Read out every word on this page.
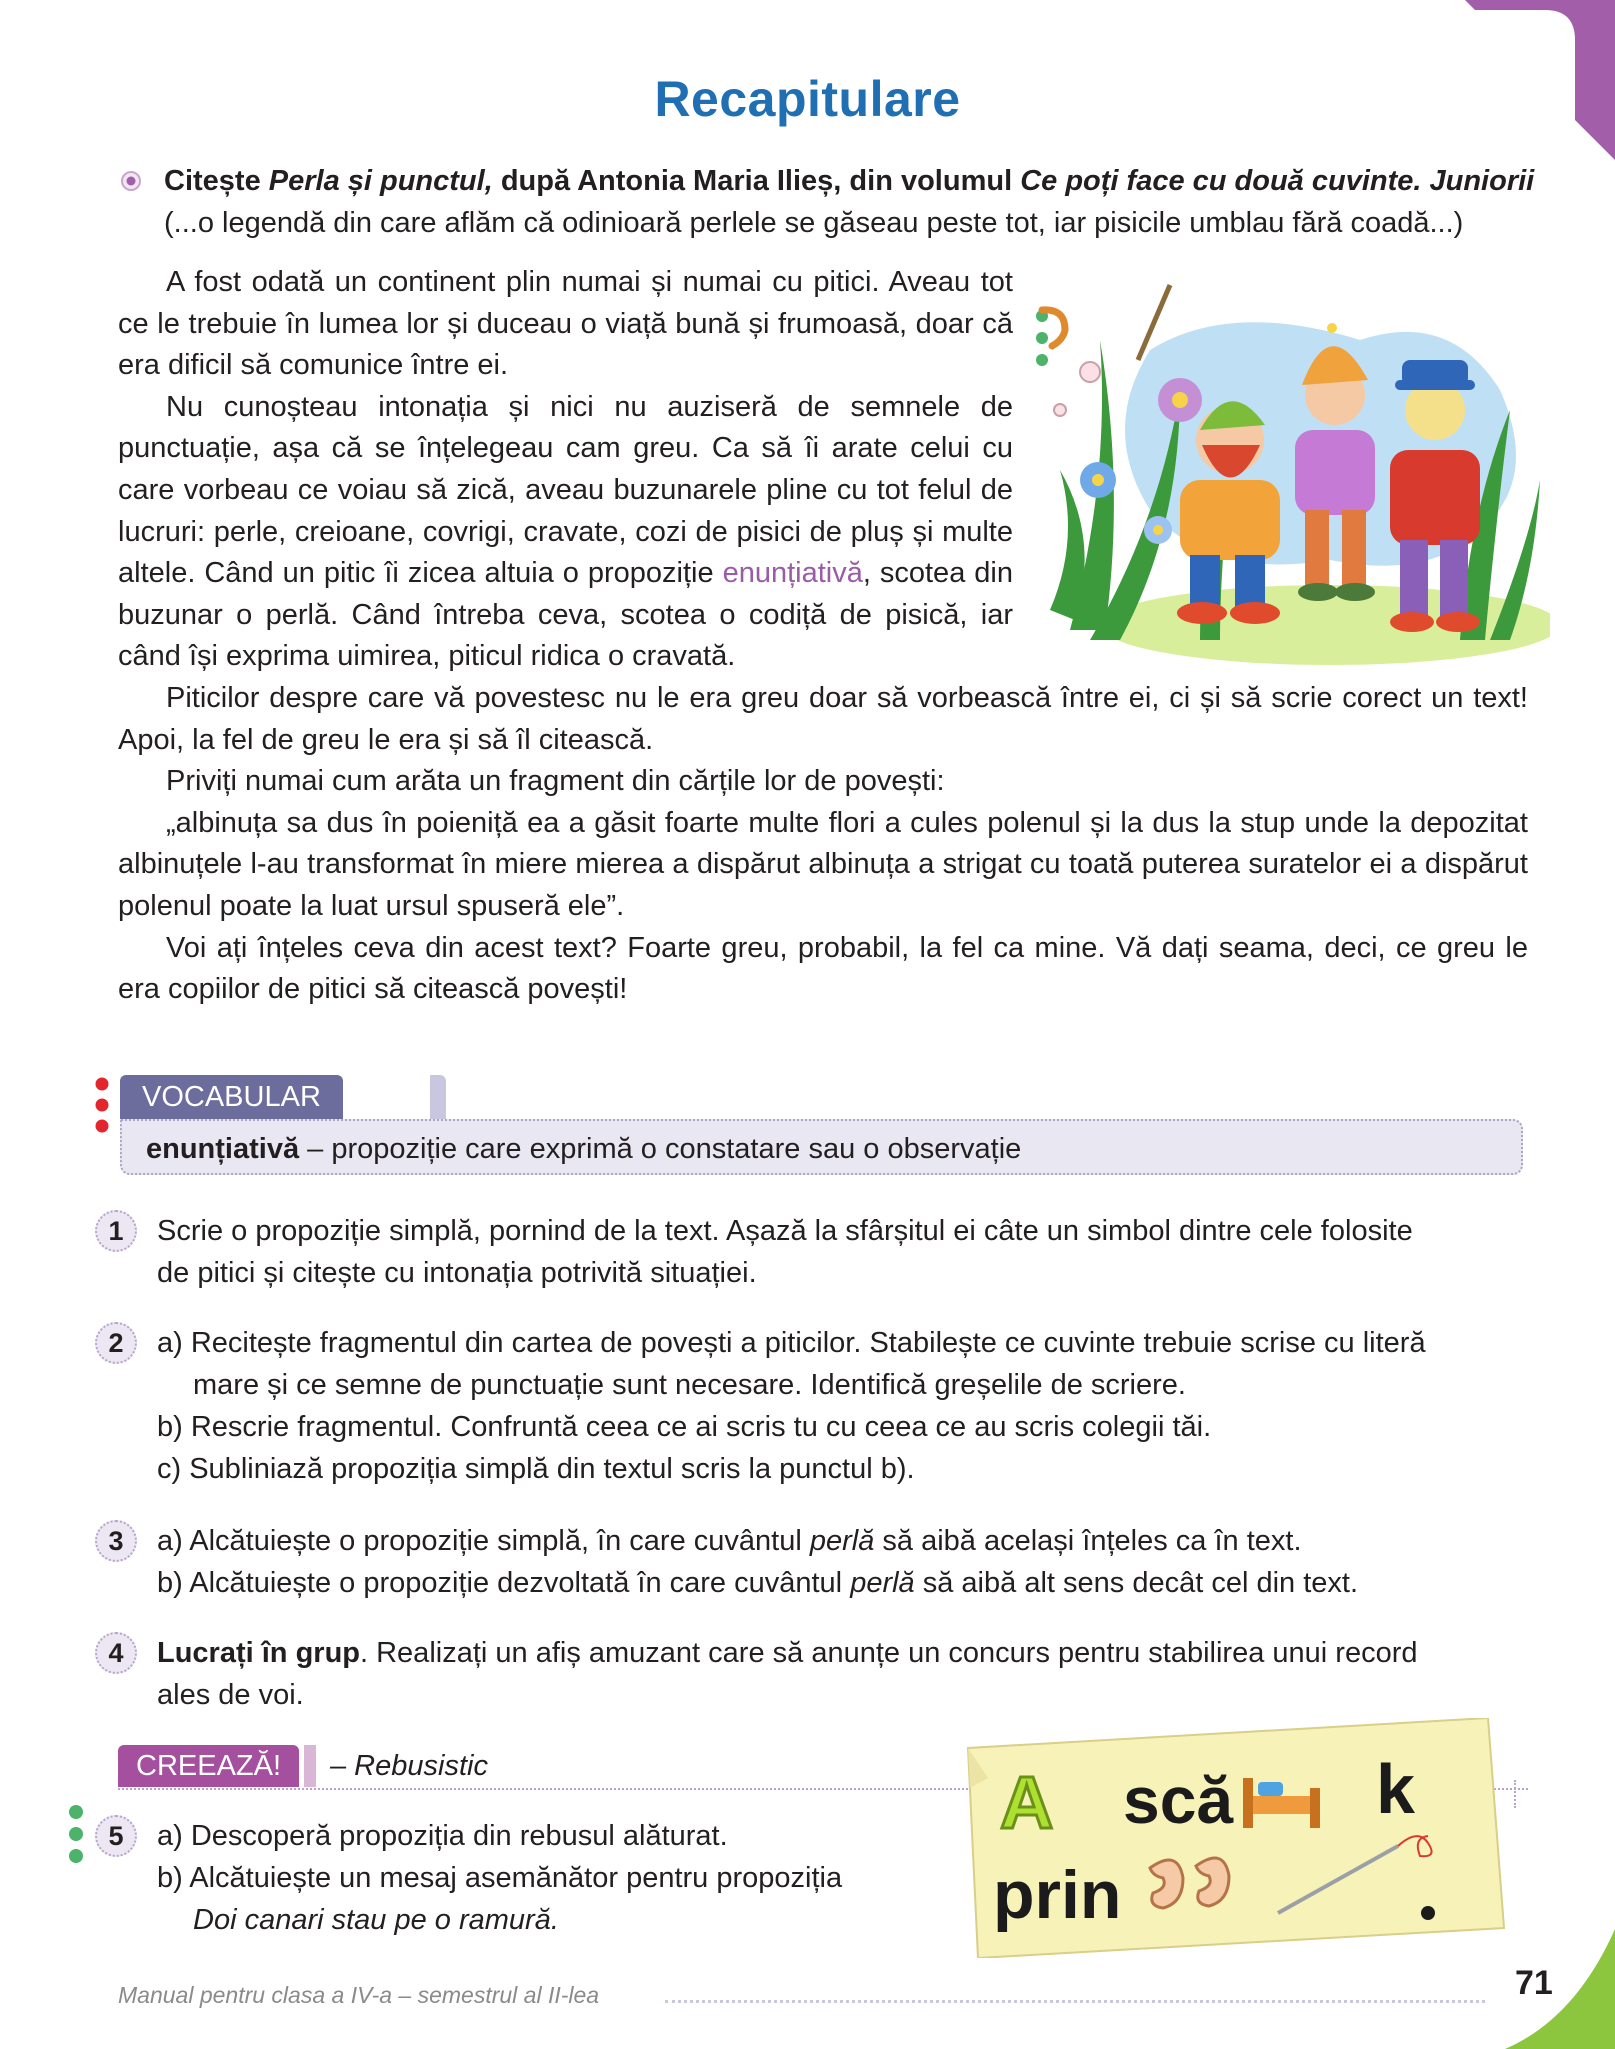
Recapitulare
Citește Perla și punctul, după Antonia Maria Ilieș, din volumul Ce poți face cu două cuvinte. Juniorii
(...o legendă din care aflăm că odinioară perlele se găseau peste tot, iar pisicile umblau fără coadă...)

A fost odată un continent plin numai și numai cu pitici. Aveau tot ce le trebuie în lumea lor și duceau o viață bună și frumoasă, doar că era dificil să comunice între ei.

Nu cunoșteau intonația și nici nu auziseră de semnele de punctuație, așa că se înțelegeau cam greu. Ca să îi arate celui cu care vorbeau ce voiau să zică, aveau buzunarele pline cu tot felul de lucruri: perle, creioane, covrigi, cravate, cozi de pisici de pluș și multe altele. Când un pitic îi zicea altuia o propoziție enunțiativă, scotea din buzunar o perlă. Când întreba ceva, scotea o codiță de pisică, iar când își exprima uimirea, piticul ridica o cravată.

Piticilor despre care vă povestesc nu le era greu doar să vorbească între ei, ci și să scrie corect un text! Apoi, la fel de greu le era și să îl citească.

Priviți numai cum arăta un fragment din cărțile lor de povești:

„albinuța sa dus în poieniță ea a găsit foarte multe flori a cules polenul și la dus la stup unde la depozitat albinuțele l-au transformat în miere mierea a dispărut albinuța a strigat cu toată puterea suratelor ei a dispărut polenul poate la luat ursul spuseră ele”.

Voi ați înțeles ceva din acest text? Foarte greu, probabil, la fel ca mine. Vă dați seama, deci, ce greu le era copiilor de pitici să citească povești!

VOCABULAR
enunțiativă – propoziție care exprimă o constatare sau o observație
1	Scrie o propoziție simplă, pornind de la text. Așază la sfârșitul ei câte un simbol dintre cele folosite
de pitici și citește cu intonația potrivită situației.
2	a) Recitește fragmentul din cartea de povești a piticilor. Stabilește ce cuvinte trebuie scrise cu literă
mare și ce semne de punctuație sunt necesare. Identifică greșelile de scriere.
b) Rescrie fragmentul. Confruntă ceea ce ai scris tu cu ceea ce au scris colegii tăi.
c) Subliniază propoziția simplă din textul scris la punctul b).
3	a) Alcătuiește o propoziție simplă, în care cuvântul perlă să aibă același înțeles ca în text.
b) Alcătuiește o propoziție dezvoltată în care cuvântul perlă să aibă alt sens decât cel din text.
4	Lucrați în grup. Realizați un afiș amuzant care să anunțe un concurs pentru stabilirea unui record
ales de voi.
CREEAZĂ!	– Rebusistic
5	a) Descoperă propoziția din rebusul alăturat.
b) Alcătuiește un mesaj asemănător pentru propoziția
Doi canari stau pe o ramură.
A scă k
prin
Manual pentru clasa a IV-a – semestrul al II-lea	71
